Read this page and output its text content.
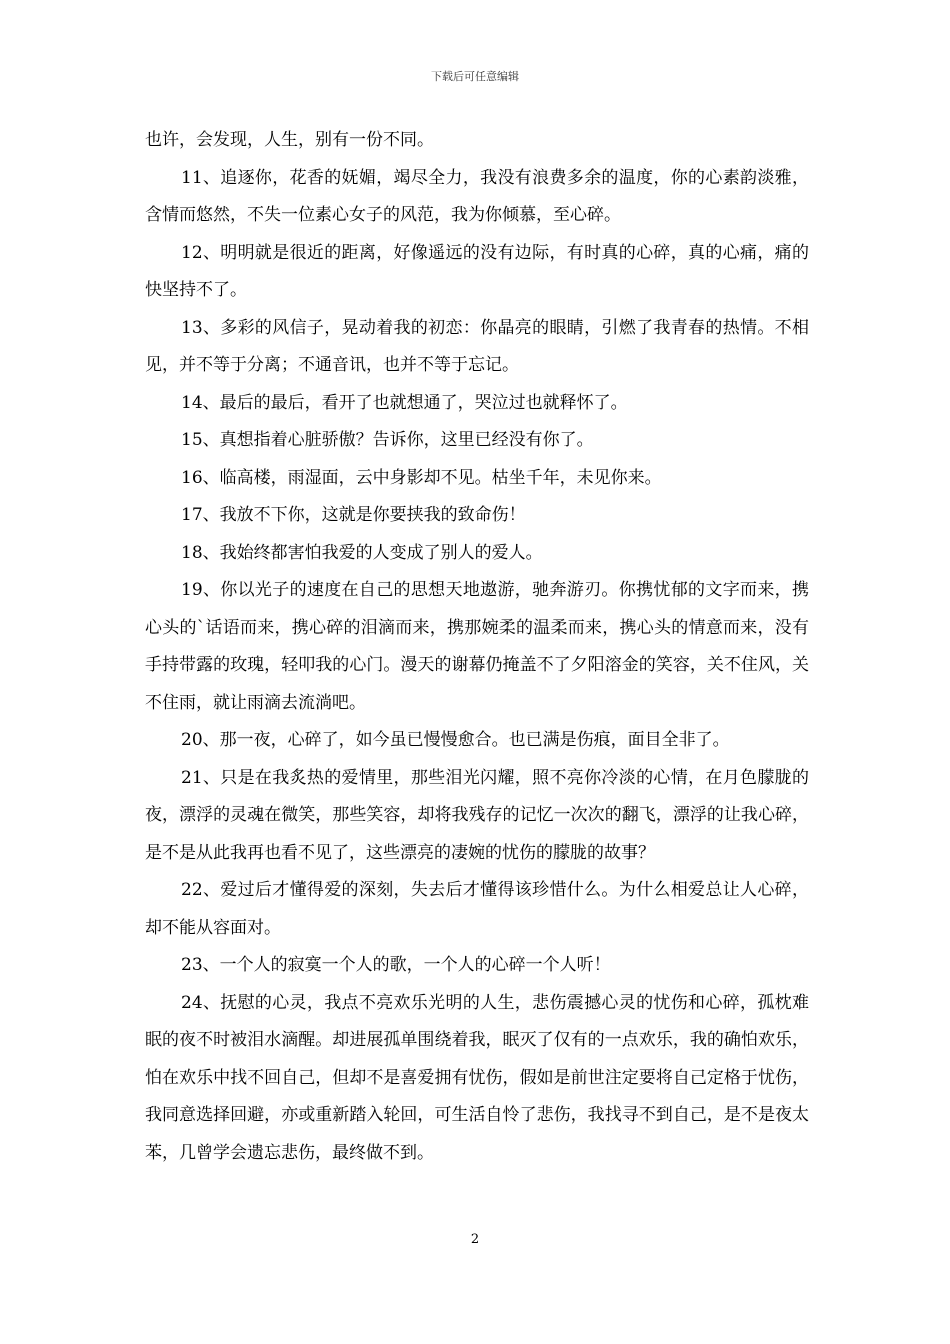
下载后可任意编辑

也许，会发现，人生，别有一份不同。

11、追逐你，花香的妩媚，竭尽全力，我没有浪费多余的温度，你的心素韵淡雅，含情而悠然，不失一位素心女子的风范，我为你倾慕，至心碎。

12、明明就是很近的距离，好像遥远的没有边际，有时真的心碎，真的心痛，痛的快坚持不了。

13、多彩的风信子，晃动着我的初恋：你晶亮的眼睛，引燃了我青春的热情。不相见，并不等于分离；不通音讯，也并不等于忘记。

14、最后的最后，看开了也就想通了，哭泣过也就释怀了。

15、真想指着心脏骄傲？告诉你，这里已经没有你了。

16、临高楼，雨湿面，云中身影却不见。枯坐千年，未见你来。

17、我放不下你，这就是你要挟我的致命伤！

18、我始终都害怕我爱的人变成了别人的爱人。

19、你以光子的速度在自己的思想天地遨游，驰奔游刃。你携忧郁的文字而来，携心头的`话语而来，携心碎的泪滴而来，携那婉柔的温柔而来，携心头的情意而来，没有手持带露的玫瑰，轻叩我的心门。漫天的谢幕仍掩盖不了夕阳溶金的笑容，关不住风，关不住雨，就让雨滴去流淌吧。

20、那一夜，心碎了，如今虽已慢慢愈合。也已满是伤痕，面目全非了。

21、只是在我炙热的爱情里，那些泪光闪耀，照不亮你冷淡的心情，在月色朦胧的夜，漂浮的灵魂在微笑，那些笑容，却将我残存的记忆一次次的翻飞，漂浮的让我心碎，是不是从此我再也看不见了，这些漂亮的凄婉的忧伤的朦胧的故事？

22、爱过后才懂得爱的深刻，失去后才懂得该珍惜什么。为什么相爱总让人心碎，却不能从容面对。

23、一个人的寂寞一个人的歌，一个人的心碎一个人听！

24、抚慰的心灵，我点不亮欢乐光明的人生，悲伤震撼心灵的忧伤和心碎，孤枕难眠的夜不时被泪水滴醒。却进展孤单围绕着我，眠灭了仅有的一点欢乐，我的确怕欢乐，怕在欢乐中找不回自己，但却不是喜爱拥有忧伤，假如是前世注定要将自己定格于忧伤，我同意选择回避，亦或重新踏入轮回，可生活自怜了悲伤，我找寻不到自己，是不是夜太苯，几曾学会遗忘悲伤，最终做不到。

2
